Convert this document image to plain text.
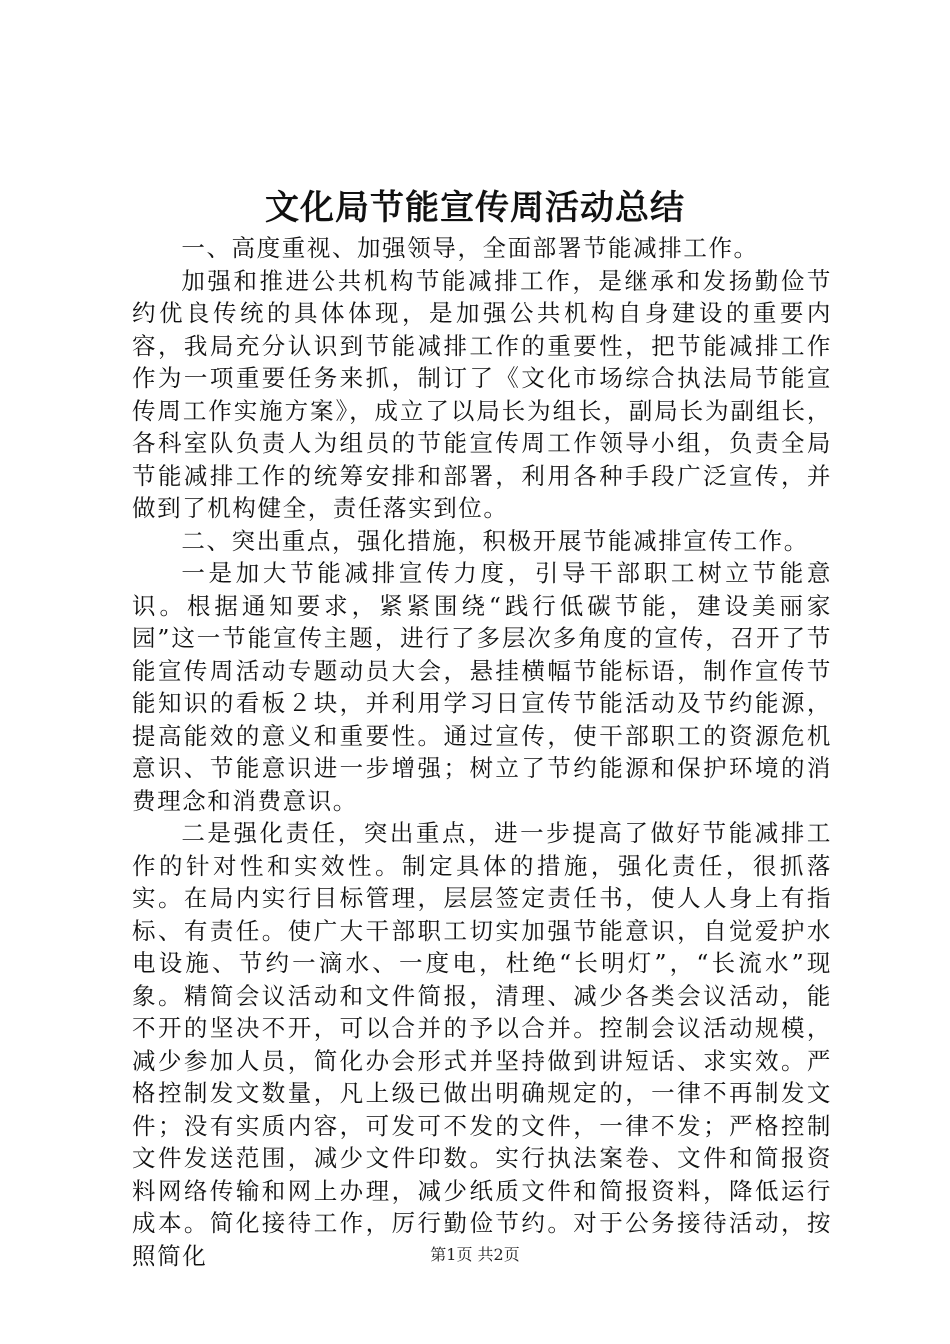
文化局节能宣传周活动总结

一、高度重视、加强领导，全面部署节能减排工作。

加强和推进公共机构节能减排工作，是继承和发扬勤俭节约优良传统的具体体现，是加强公共机构自身建设的重要内容，我局充分认识到节能减排工作的重要性，把节能减排工作作为一项重要任务来抓，制订了《文化市场综合执法局节能宣传周工作实施方案》，成立了以局长为组长，副局长为副组长，各科室队负责人为组员的节能宣传周工作领导小组，负责全局节能减排工作的统筹安排和部署，利用各种手段广泛宣传，并做到了机构健全，责任落实到位。

二、突出重点，强化措施，积极开展节能减排宣传工作。

一是加大节能减排宣传力度，引导干部职工树立节能意识。根据通知要求，紧紧围绕“践行低碳节能，建设美丽家园”这一节能宣传主题，进行了多层次多角度的宣传，召开了节能宣传周活动专题动员大会，悬挂横幅节能标语，制作宣传节能知识的看板２块，并利用学习日宣传节能活动及节约能源，提高能效的意义和重要性。通过宣传，使干部职工的资源危机意识、节能意识进一步增强；树立了节约能源和保护环境的消费理念和消费意识。

二是强化责任，突出重点，进一步提高了做好节能减排工作的针对性和实效性。制定具体的措施，强化责任，很抓落实。在局内实行目标管理，层层签定责任书，使人人身上有指标、有责任。使广大干部职工切实加强节能意识，自觉爱护水电设施、节约一滴水、一度电，杜绝“长明灯”，“长流水”现象。精简会议活动和文件简报，清理、减少各类会议活动，能不开的坚决不开，可以合并的予以合并。控制会议活动规模，减少参加人员，简化办会形式并坚持做到讲短话、求实效。严格控制发文数量，凡上级已做出明确规定的，一律不再制发文件；没有实质内容，可发可不发的文件，一律不发；严格控制文件发送范围，减少文件印数。实行执法案卷、文件和简报资料网络传输和网上办理，减少纸质文件和简报资料，降低运行成本。简化接待工作，厉行勤俭节约。对于公务接待活动，按照简化	第1页 共2页
